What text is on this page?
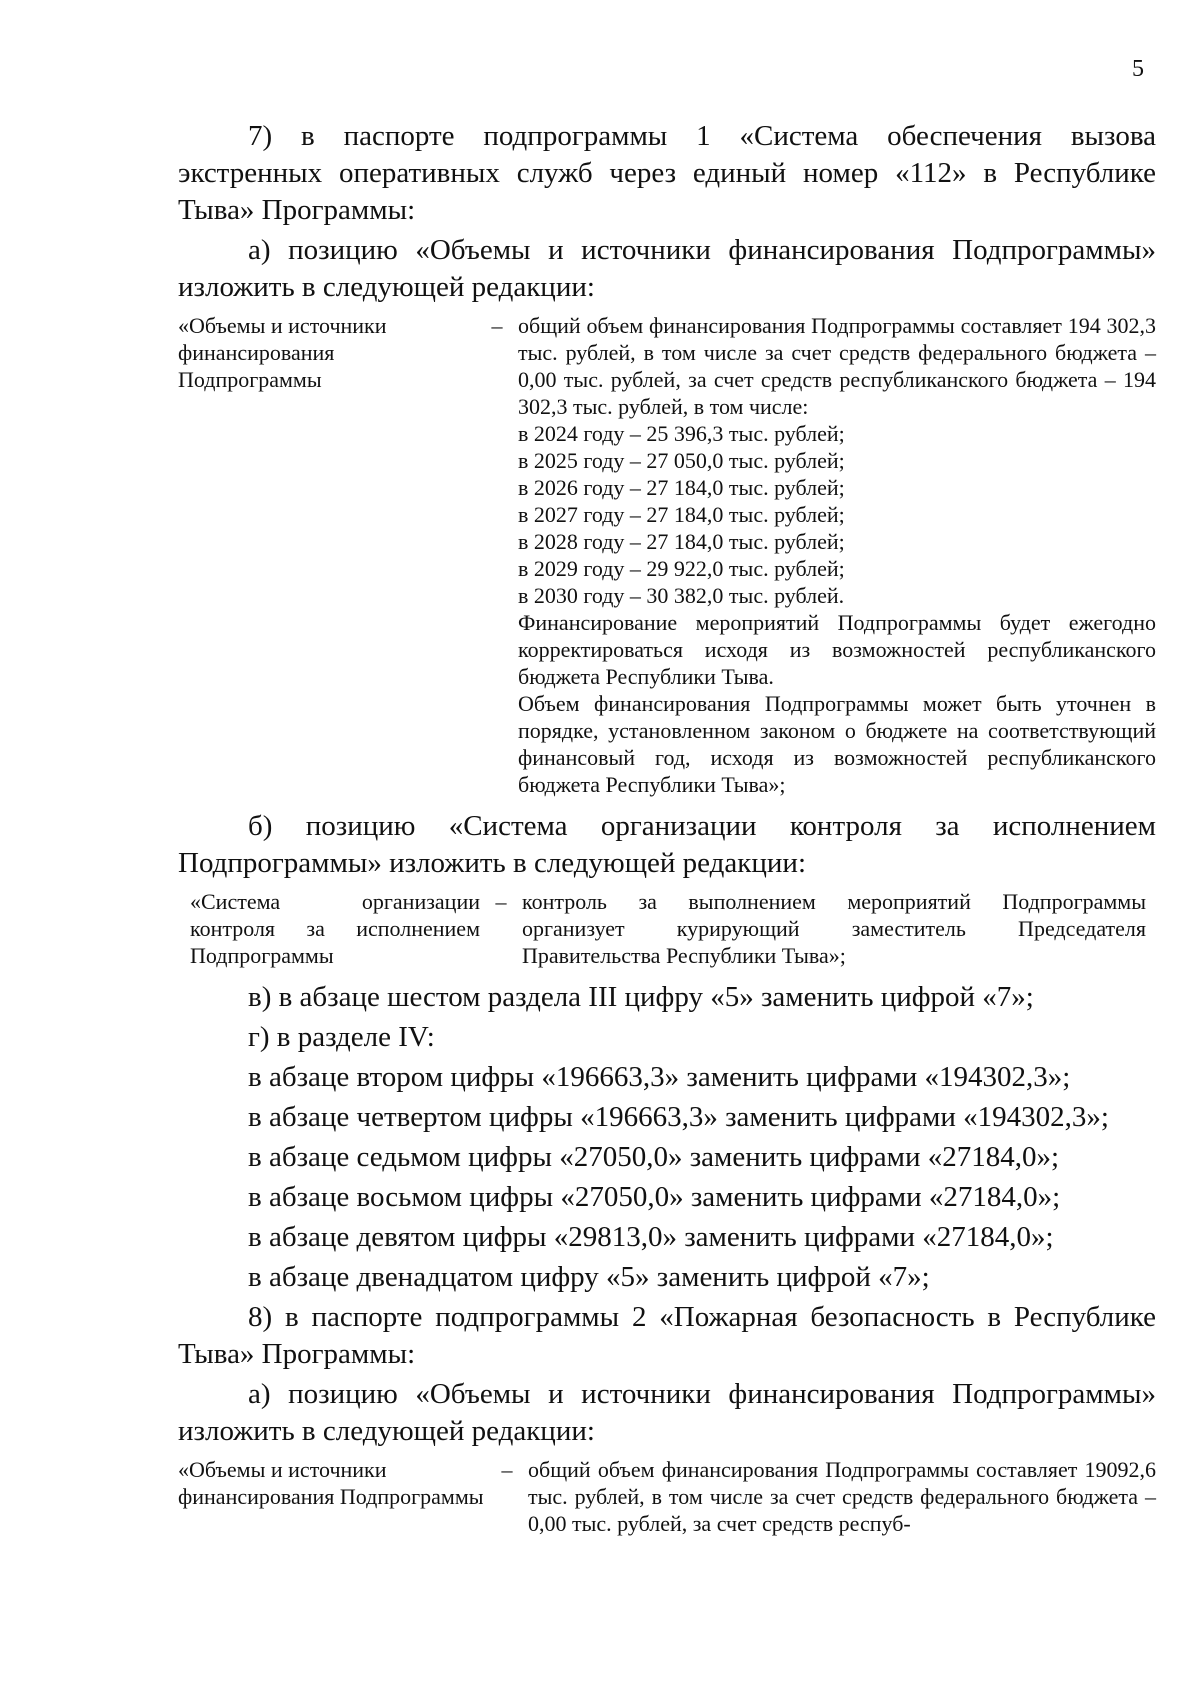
5

7) в паспорте подпрограммы 1 «Система обеспечения вызова экстренных оперативных служб через единый номер «112» в Республике Тыва» Программы:

а) позицию «Объемы и источники финансирования Подпрограммы» изложить в следующей редакции:

«Объемы и источники финансирования Подпрограммы
– общий объем финансирования Подпрограммы составляет 194 302,3 тыс. рублей, в том числе за счет средств федерального бюджета – 0,00 тыс. рублей, за счет средств республиканского бюджета – 194 302,3 тыс. рублей, в том числе:
в 2024 году – 25 396,3 тыс. рублей;
в 2025 году – 27 050,0 тыс. рублей;
в 2026 году – 27 184,0 тыс. рублей;
в 2027 году – 27 184,0 тыс. рублей;
в 2028 году – 27 184,0 тыс. рублей;
в 2029 году – 29 922,0 тыс. рублей;
в 2030 году – 30 382,0 тыс. рублей.
Финансирование мероприятий Подпрограммы будет ежегодно корректироваться исходя из возможностей республиканского бюджета Республики Тыва.
Объем финансирования Подпрограммы может быть уточнен в порядке, установленном законом о бюджете на соответствующий финансовый год, исходя из возможностей республиканского бюджета Республики Тыва»;

б) позицию «Система организации контроля за исполнением Подпрограммы» изложить в следующей редакции:

«Система организации контроля за исполнением Подпрограммы
– контроль за выполнением мероприятий Подпрограммы организует курирующий заместитель Председателя Правительства Республики Тыва»;

в) в абзаце шестом раздела III цифру «5» заменить цифрой «7»;

г) в разделе IV:

в абзаце втором цифры «196663,3» заменить цифрами «194302,3»;

в абзаце четвертом цифры «196663,3» заменить цифрами «194302,3»;

в абзаце седьмом цифры «27050,0» заменить цифрами «27184,0»;

в абзаце восьмом цифры «27050,0» заменить цифрами «27184,0»;

в абзаце девятом цифры «29813,0» заменить цифрами «27184,0»;

в абзаце двенадцатом цифру «5» заменить цифрой «7»;

8) в паспорте подпрограммы 2 «Пожарная безопасность в Республике Тыва» Программы:

а) позицию «Объемы и источники финансирования Подпрограммы» изложить в следующей редакции:

«Объемы и источники финансирования Подпрограммы
– общий объем финансирования Подпрограммы составляет 19092,6 тыс. рублей, в том числе за счет средств федерального бюджета – 0,00 тыс. рублей, за счет средств респуб-
